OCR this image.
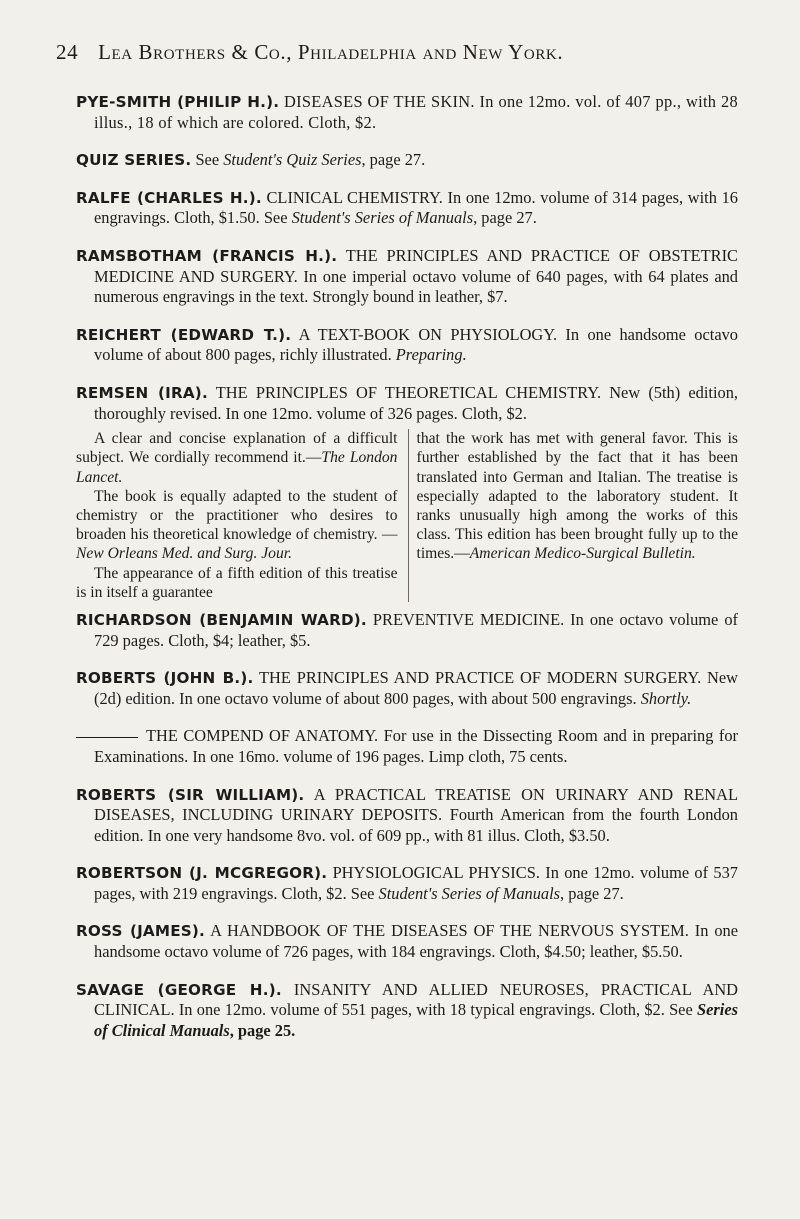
24 Lea Brothers & Co., Philadelphia and New York.

PYE-SMITH (PHILIP H.). DISEASES OF THE SKIN. In one 12mo. vol. of 407 pp., with 28 illus., 18 of which are colored. Cloth, $2.

QUIZ SERIES. See Student's Quiz Series, page 27.

RALFE (CHARLES H.). CLINICAL CHEMISTRY. In one 12mo. volume of 314 pages, with 16 engravings. Cloth, $1.50. See Student's Series of Manuals, page 27.

RAMSBOTHAM (FRANCIS H.). THE PRINCIPLES AND PRACTICE OF OBSTETRIC MEDICINE AND SURGERY. In one imperial octavo volume of 640 pages, with 64 plates and numerous engravings in the text. Strongly bound in leather, $7.

REICHERT (EDWARD T.). A TEXT-BOOK ON PHYSIOLOGY. In one handsome octavo volume of about 800 pages, richly illustrated. Preparing.

REMSEN (IRA). THE PRINCIPLES OF THEORETICAL CHEMISTRY. New (5th) edition, thoroughly revised. In one 12mo. volume of 326 pages. Cloth, $2.

A clear and concise explanation of a difficult subject. We cordially recommend it.—The London Lancet.

The book is equally adapted to the student of chemistry or the practitioner who desires to broaden his theoretical knowledge of chemistry. —New Orleans Med. and Surg. Jour.

The appearance of a fifth edition of this treatise is in itself a guarantee

that the work has met with general favor. This is further established by the fact that it has been translated into German and Italian. The treatise is especially adapted to the laboratory student. It ranks unusually high among the works of this class. This edition has been brought fully up to the times.—American Medico-Surgical Bulletin.

RICHARDSON (BENJAMIN WARD). PREVENTIVE MEDICINE. In one octavo volume of 729 pages. Cloth, $4; leather, $5.

ROBERTS (JOHN B.). THE PRINCIPLES AND PRACTICE OF MODERN SURGERY. New (2d) edition. In one octavo volume of about 800 pages, with about 500 engravings. Shortly.

THE COMPEND OF ANATOMY. For use in the Dissecting Room and in preparing for Examinations. In one 16mo. volume of 196 pages. Limp cloth, 75 cents.

ROBERTS (SIR WILLIAM). A PRACTICAL TREATISE ON URINARY AND RENAL DISEASES, INCLUDING URINARY DEPOSITS. Fourth American from the fourth London edition. In one very handsome 8vo. vol. of 609 pp., with 81 illus. Cloth, $3.50.

ROBERTSON (J. MCGREGOR). PHYSIOLOGICAL PHYSICS. In one 12mo. volume of 537 pages, with 219 engravings. Cloth, $2. See Student's Series of Manuals, page 27.

ROSS (JAMES). A HANDBOOK OF THE DISEASES OF THE NERVOUS SYSTEM. In one handsome octavo volume of 726 pages, with 184 engravings. Cloth, $4.50; leather, $5.50.

SAVAGE (GEORGE H.). INSANITY AND ALLIED NEUROSES, PRACTICAL AND CLINICAL. In one 12mo. volume of 551 pages, with 18 typical engravings. Cloth, $2. See Series of Clinical Manuals, page 25.
